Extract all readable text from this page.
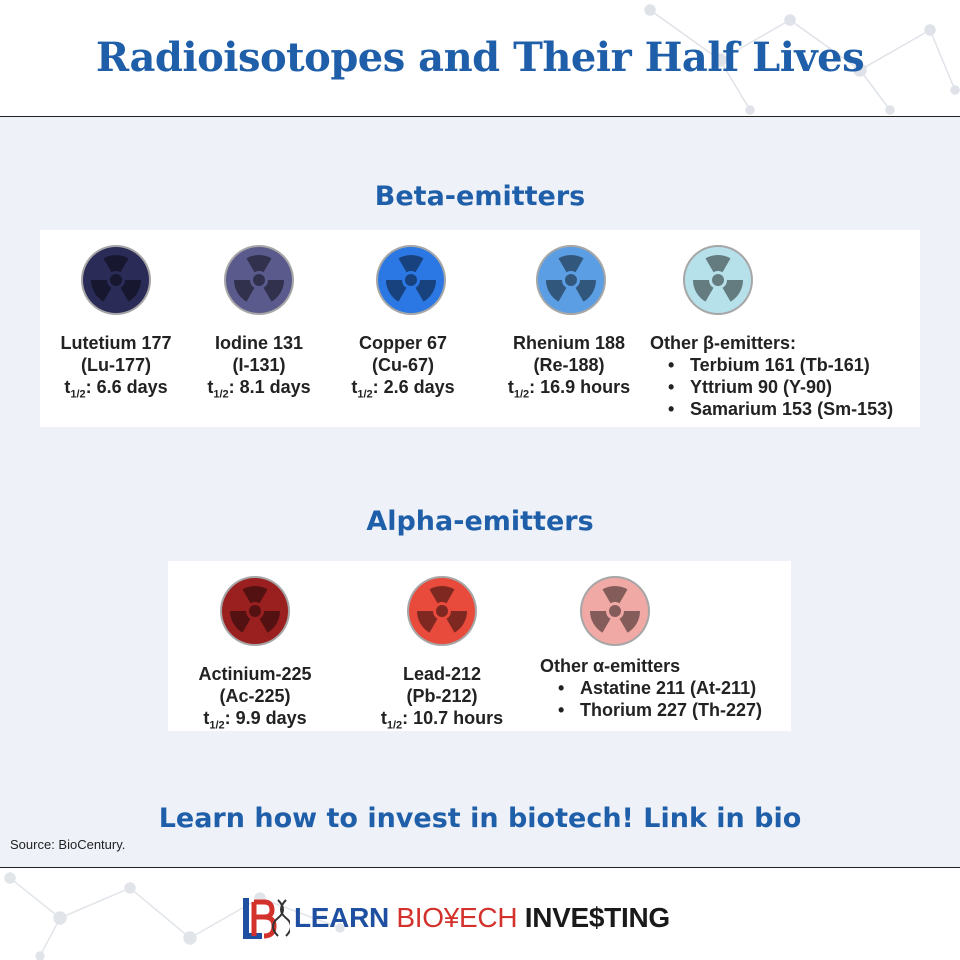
Radioisotopes and Their Half Lives
Beta-emitters
Lutetium 177
(Lu-177)
$t_{1/2}$: 6.6 days
Iodine 131
(I-131)
$t_{1/2}$: 8.1 days
Copper 67
(Cu-67)
$t_{1/2}$: 2.6 days
Rhenium 188
(Re-188)
$t_{1/2}$: 16.9 hours
Other β-emitters:
• Terbium 161 (Tb-161)
• Yttrium 90 (Y-90)
• Samarium 153 (Sm-153)
Alpha-emitters
Actinium-225
(Ac-225)
$t_{1/2}$: 9.9 days
Lead-212
(Pb-212)
$t_{1/2}$: 10.7 hours
Other α-emitters
• Astatine 211 (At-211)
• Thorium 227 (Th-227)
Learn how to invest in biotech! Link in bio
Source: BioCentury.
LEARN BIO¥ECH INVE$TING
